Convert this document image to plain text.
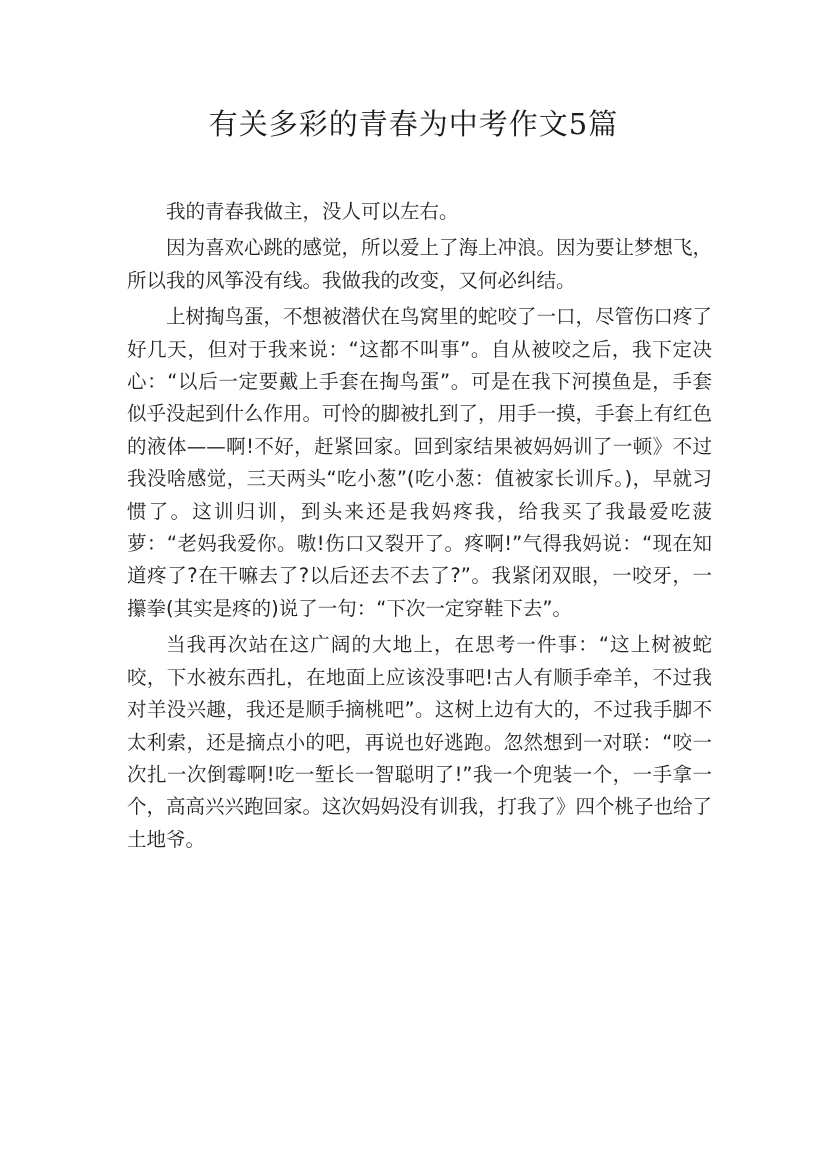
有关多彩的青春为中考作文5篇

我的青春我做主，没人可以左右。

因为喜欢心跳的感觉，所以爱上了海上冲浪。因为要让梦想飞，所以我的风筝没有线。我做我的改变，又何必纠结。

上树掏鸟蛋，不想被潜伏在鸟窝里的蛇咬了一口，尽管伤口疼了好几天，但对于我来说：“这都不叫事”。自从被咬之后，我下定决心：“以后一定要戴上手套在掏鸟蛋”。可是在我下河摸鱼是，手套似乎没起到什么作用。可怜的脚被扎到了，用手一摸，手套上有红色的液体——啊!不好，赶紧回家。回到家结果被妈妈训了一顿》不过我没啥感觉，三天两头“吃小葱”(吃小葱：值被家长训斥。)，早就习惯了。这训归训，到头来还是我妈疼我，给我买了我最爱吃菠萝：“老妈我爱你。嗷!伤口又裂开了。疼啊!”气得我妈说：“现在知道疼了?在干嘛去了?以后还去不去了?”。我紧闭双眼，一咬牙，一攥拳(其实是疼的)说了一句：“下次一定穿鞋下去”。

当我再次站在这广阔的大地上，在思考一件事：“这上树被蛇咬，下水被东西扎，在地面上应该没事吧!古人有顺手牵羊，不过我对羊没兴趣，我还是顺手摘桃吧”。这树上边有大的，不过我手脚不太利索，还是摘点小的吧，再说也好逃跑。忽然想到一对联：“咬一次扎一次倒霉啊!吃一堑长一智聪明了!”我一个兜装一个，一手拿一个，高高兴兴跑回家。这次妈妈没有训我，打我了》四个桃子也给了土地爷。
